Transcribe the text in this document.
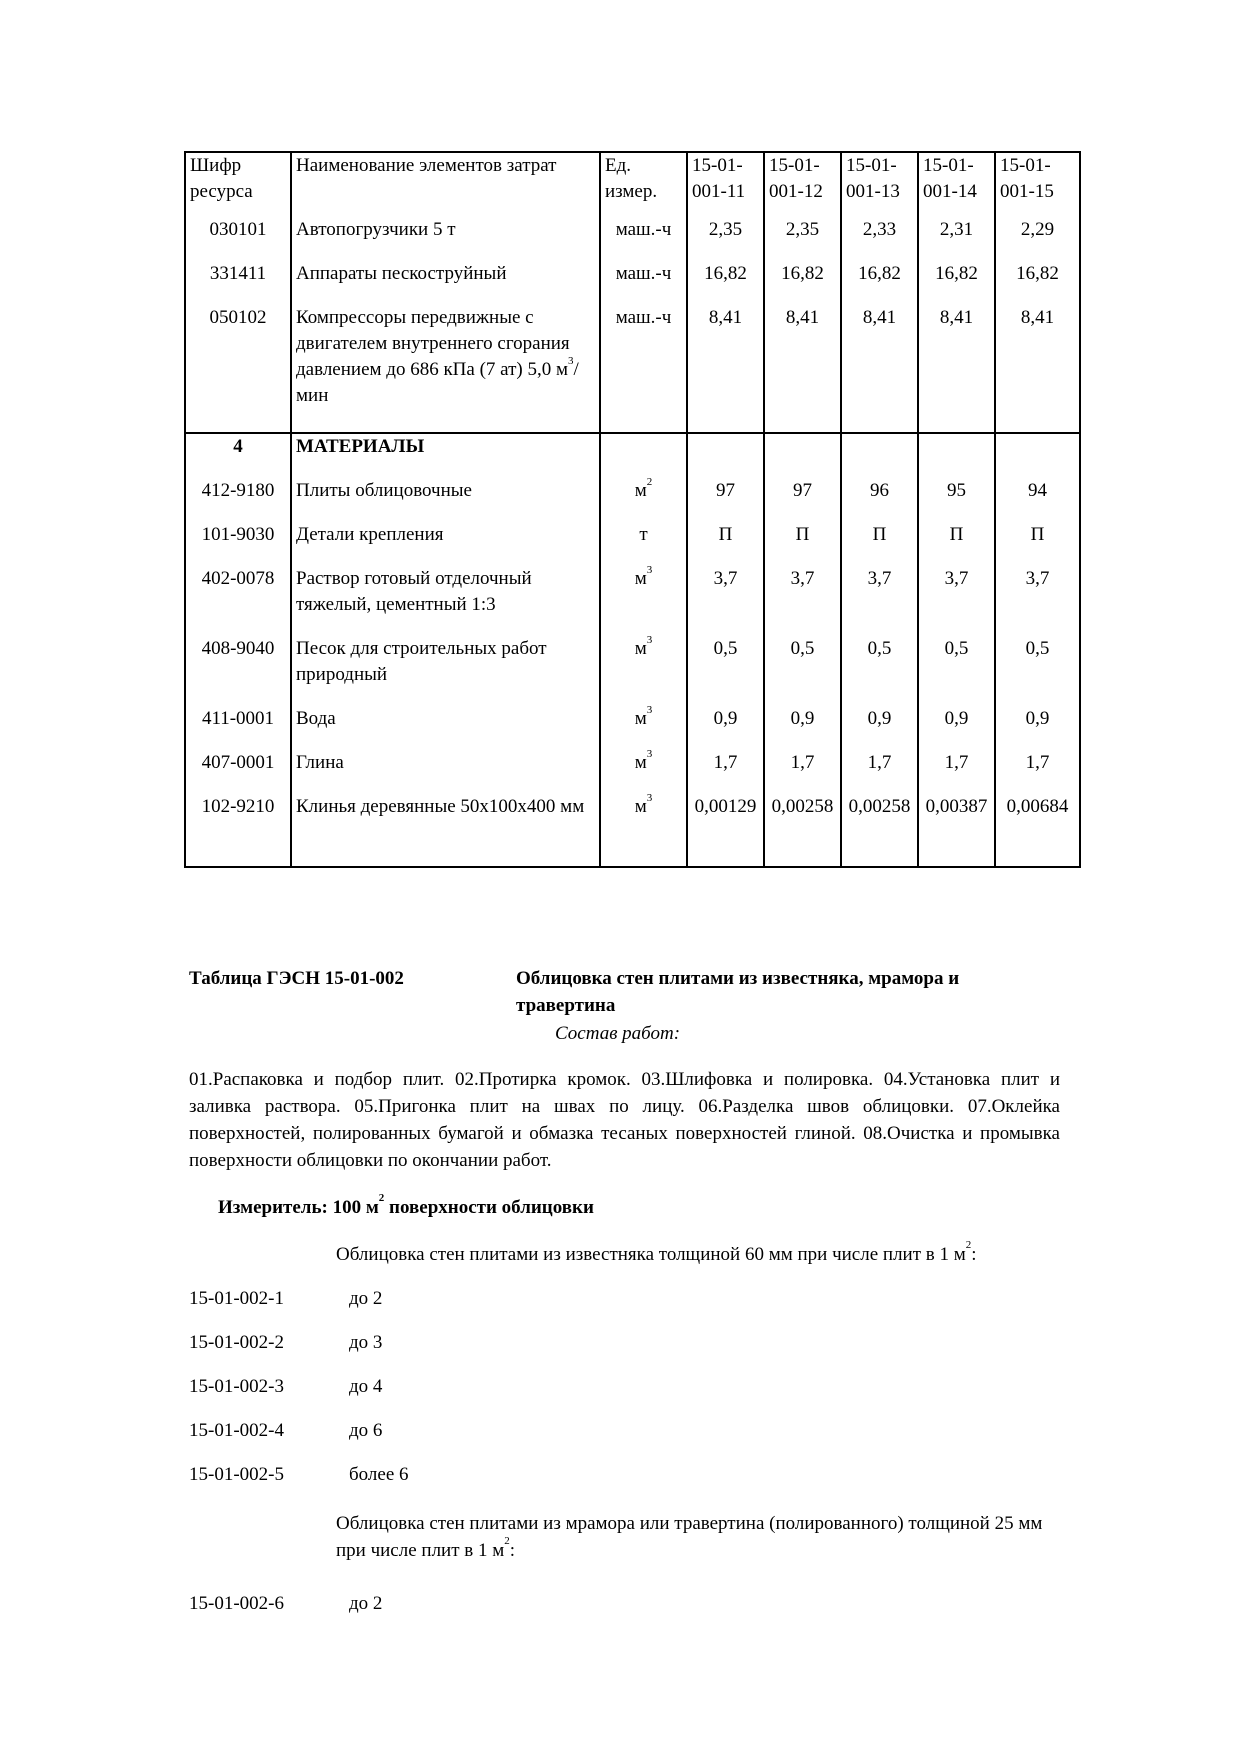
Шифр ресурса	Наименование элементов затрат	Ед. измер.	15-01-001-11	15-01-001-12	15-01-001-13	15-01-001-14	15-01-001-15
030101	Автопогрузчики 5 т	маш.-ч	2,35	2,35	2,33	2,31	2,29
331411	Аппараты пескоструйный	маш.-ч	16,82	16,82	16,82	16,82	16,82
050102	Компрессоры передвижные с двигателем внутреннего сгорания давлением до 686 кПа (7 ат) 5,0 $м^3$/мин	маш.-ч	8,41	8,41	8,41	8,41	8,41
4	МАТЕРИАЛЫ						
412-9180	Плиты облицовочные	$м^2$	97	97	96	95	94
101-9030	Детали крепления	т	П	П	П	П	П
402-0078	Раствор готовый отделочный тяжелый, цементный 1:3	$м^3$	3,7	3,7	3,7	3,7	3,7
408-9040	Песок для строительных работ природный	$м^3$	0,5	0,5	0,5	0,5	0,5
411-0001	Вода	$м^3$	0,9	0,9	0,9	0,9	0,9
407-0001	Глина	$м^3$	1,7	1,7	1,7	1,7	1,7
102-9210	Клинья деревянные 50х100х400 мм	$м^3$	0,00129	0,00258	0,00258	0,00387	0,00684
Таблица ГЭСН 15-01-002	Облицовка стен плитами из известняка, мрамора и травертина
Состав работ:
01.Распаковка и подбор плит. 02.Протирка кромок. 03.Шлифовка и полировка. 04.Установка плит и заливка раствора. 05.Пригонка плит на швах по лицу. 06.Разделка швов облицовки. 07.Оклейка поверхностей, полированных бумагой и обмазка тесаных поверхностей глиной. 08.Очистка и промывка поверхности облицовки по окончании работ.
Измеритель: 100 $м^2$ поверхности облицовки
Облицовка стен плитами из известняка толщиной 60 мм при числе плит в 1 $м^2$:
15-01-002-1	до 2
15-01-002-2	до 3
15-01-002-3	до 4
15-01-002-4	до 6
15-01-002-5	более 6
Облицовка стен плитами из мрамора или травертина (полированного) толщиной 25 мм при числе плит в 1 $м^2$:
15-01-002-6	до 2
